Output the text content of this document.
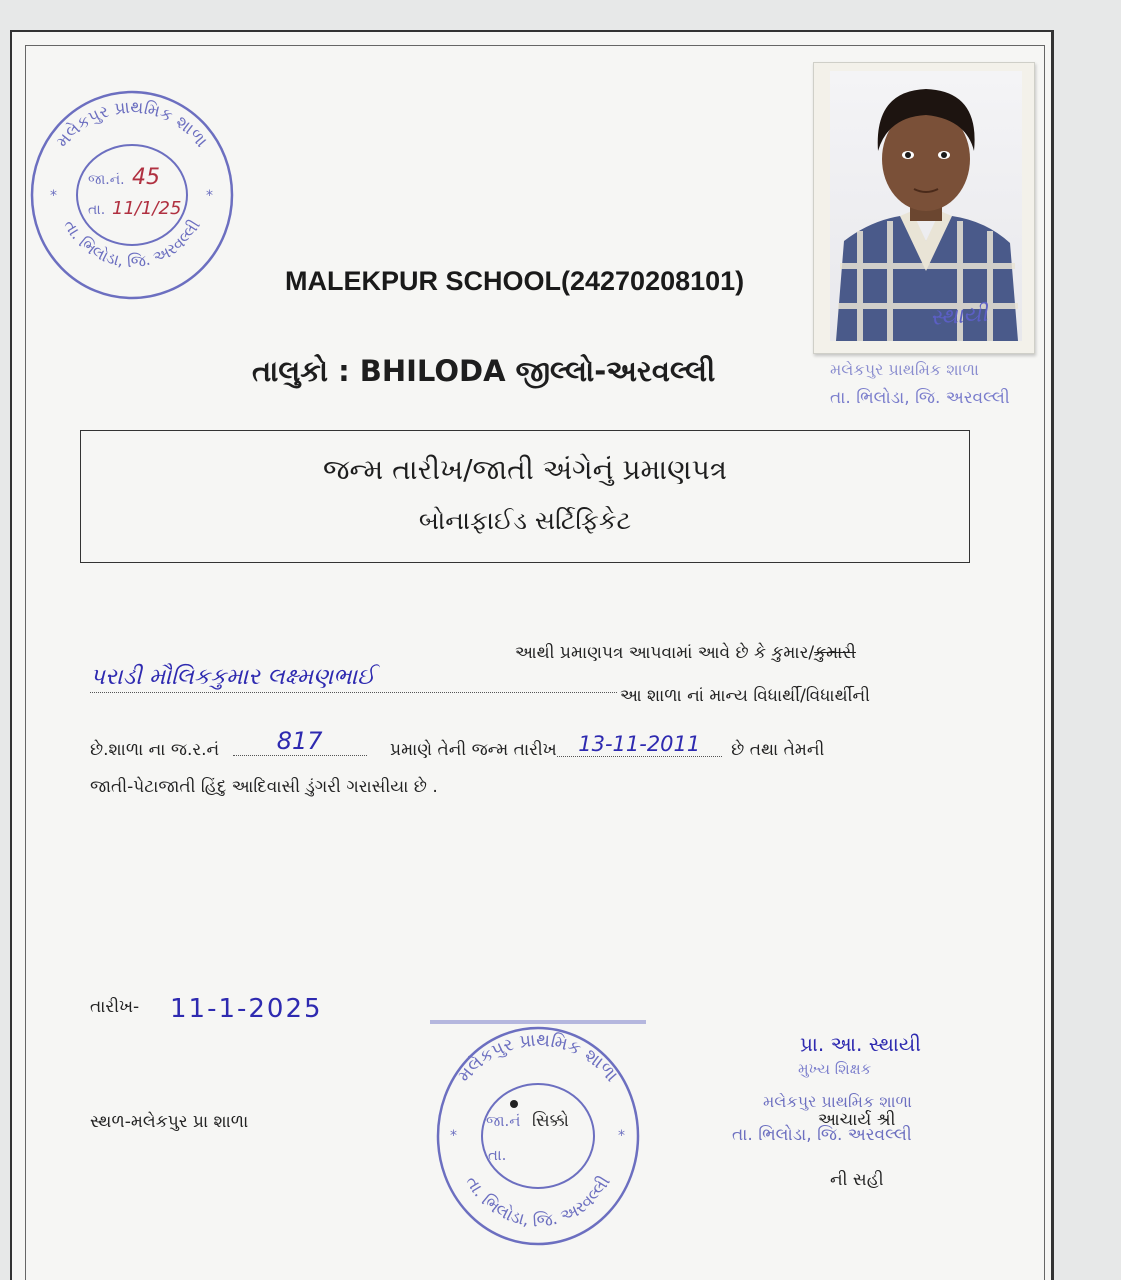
મલેકપુર પ્રાથમિક શાળા
તા. ભિલોડા, જિ. અરવલ્લી
*	*
જા.નં. 45
તા. 11/1/25
સ્થાયી
મલેકપુર પ્રાથમિક શાળા
તા. ભિલોડા, જિ. અરવલ્લી
MALEKPUR SCHOOL(24270208101)
તાલુકો : BHILODA જીલ્લો-અરવલ્લી
જન્મ તારીખ/જાતી અંગેનું પ્રમાણપત્ર
બોનાફાઈડ સર્ટિફિકેટ
આથી પ્રમાણપત્ર આપવામાં આવે છે કે કુમાર/કુમારી
પરાડી મૌલિકકુમાર લક્ષ્મણભાઈ
આ શાળા નાં માન્ય વિધાર્થી/વિધાર્થીની
છે.શાળા ના જ.ર.નં 817	પ્રમાણે તેની જન્મ તારીખ 13-11-2011 છે તથા તેમની
જાતી-પેટાજાતી હિંદુ આદિવાસી ડુંગરી ગરાસીયા છે .
તારીખ- 11-1-2025
સ્થળ-મલેકપુર પ્રા શાળા
મલેકપુર પ્રાથમિક શાળા
તા. ભિલોડા, જિ. અરવલ્લી
*	*
જા.નં સિક્કો
તા.
પ્રા. આ. સ્થાયી
મુખ્ય શિક્ષક
મલેકપુર પ્રાથમિક શાળા
આચાર્ય શ્રી
તા. ભિલોડા, જિ. અરવલ્લી
ની સહી
